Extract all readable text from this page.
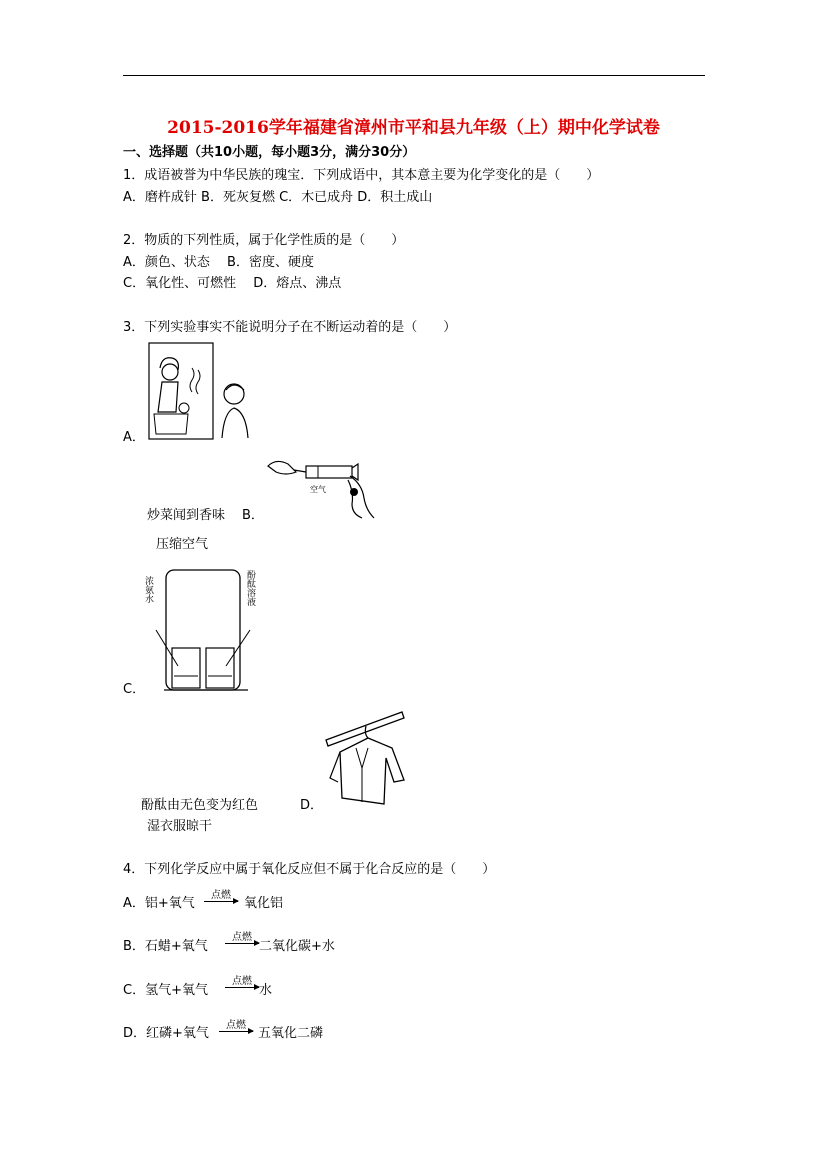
2015-2016学年福建省漳州市平和县九年级（上）期中化学试卷
一、选择题（共10小题，每小题3分，满分30分）
1．成语被誉为中华民族的瑰宝．下列成语中，其本意主要为化学变化的是（　　）
A．磨杵成针 B．死灰复燃 C．木已成舟 D．积土成山
2．物质的下列性质，属于化学性质的是（　　）
A．颜色、状态　 B．密度、硬度
C．氧化性、可燃性　 D．熔点、沸点
3．下列实验事实不能说明分子在不断运动着的是（　　）
A．
空气
炒菜闻到香味 B．
压缩空气
浓氨水	酚酞溶液
C．
酚酞由无色变为红色	D．
湿衣服晾干
4．下列化学反应中属于氧化反应但不属于化合反应的是（　　）
A．铝+氧气
点燃
氧化铝
B．石蜡+氧气
点燃
二氧化碳+水
C．氢气+氧气
点燃
水
D．红磷+氧气
点燃
五氧化二磷
